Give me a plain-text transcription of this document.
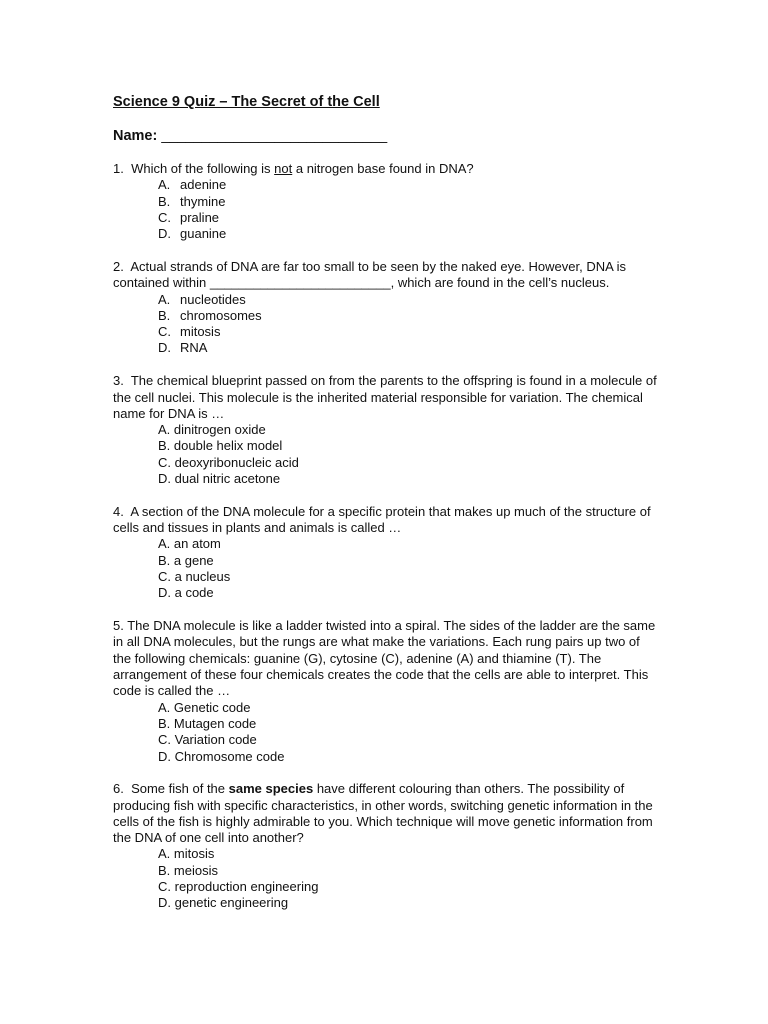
Science 9 Quiz – The Secret of the Cell
Name: ____________________________

1. Which of the following is not a nitrogen base found in DNA?

A. adenine
B. thymine
C. praline
D. guanine

2. Actual strands of DNA are far too small to be seen by the naked eye. However, DNA is contained within _________________________, which are found in the cell’s nucleus.

A. nucleotides
B. chromosomes
C. mitosis
D. RNA

3. The chemical blueprint passed on from the parents to the offspring is found in a molecule of the cell nuclei. This molecule is the inherited material responsible for variation. The chemical name for DNA is …

A. dinitrogen oxide
B. double helix model
C. deoxyribonucleic acid
D. dual nitric acetone

4. A section of the DNA molecule for a specific protein that makes up much of the structure of cells and tissues in plants and animals is called …

A. an atom
B. a gene
C. a nucleus
D. a code

5. The DNA molecule is like a ladder twisted into a spiral. The sides of the ladder are the same in all DNA molecules, but the rungs are what make the variations. Each rung pairs up two of the following chemicals: guanine (G), cytosine (C), adenine (A) and thiamine (T). The arrangement of these four chemicals creates the code that the cells are able to interpret. This code is called the …

A. Genetic code
B. Mutagen code
C. Variation code
D. Chromosome code

6. Some fish of the same species have different colouring than others. The possibility of producing fish with specific characteristics, in other words, switching genetic information in the cells of the fish is highly admirable to you. Which technique will move genetic information from the DNA of one cell into another?

A. mitosis
B. meiosis
C. reproduction engineering
D. genetic engineering
